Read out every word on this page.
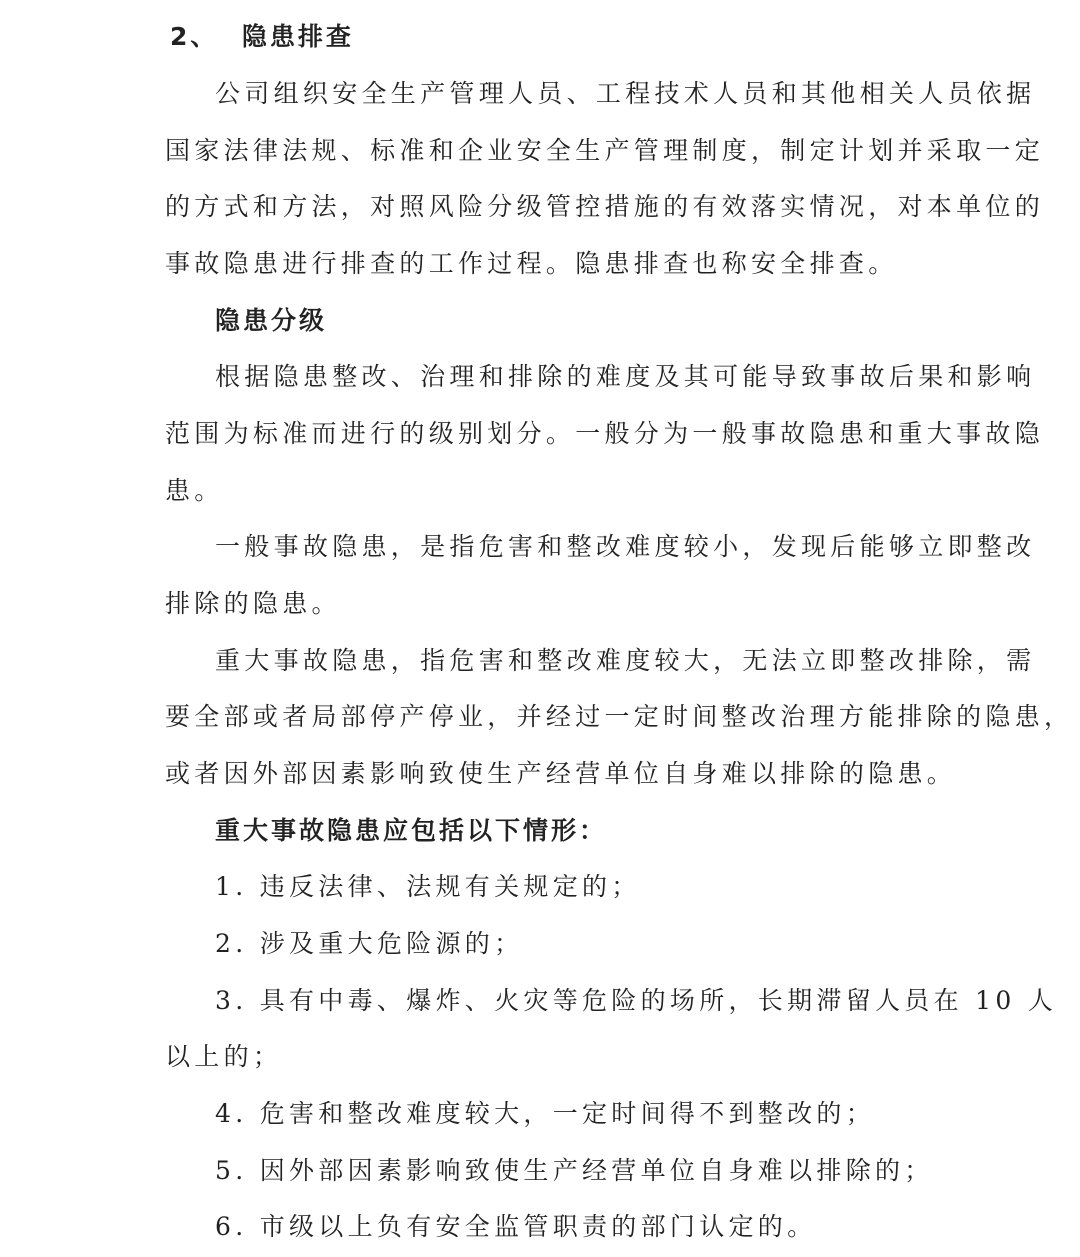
2、 隐患排查
公司组织安全生产管理人员、工程技术人员和其他相关人员依据
国家法律法规、标准和企业安全生产管理制度，制定计划并采取一定
的方式和方法，对照风险分级管控措施的有效落实情况，对本单位的
事故隐患进行排查的工作过程。隐患排查也称安全排查。
隐患分级
根据隐患整改、治理和排除的难度及其可能导致事故后果和影响
范围为标准而进行的级别划分。一般分为一般事故隐患和重大事故隐
患。
一般事故隐患，是指危害和整改难度较小，发现后能够立即整改
排除的隐患。
重大事故隐患，指危害和整改难度较大，无法立即整改排除，需
要全部或者局部停产停业，并经过一定时间整改治理方能排除的隐患，
或者因外部因素影响致使生产经营单位自身难以排除的隐患。
重大事故隐患应包括以下情形：
1. 违反法律、法规有关规定的；
2. 涉及重大危险源的；
3. 具有中毒、爆炸、火灾等危险的场所，长期滞留人员在 10 人
以上的；
4. 危害和整改难度较大，一定时间得不到整改的；
5. 因外部因素影响致使生产经营单位自身难以排除的；
6. 市级以上负有安全监管职责的部门认定的。
